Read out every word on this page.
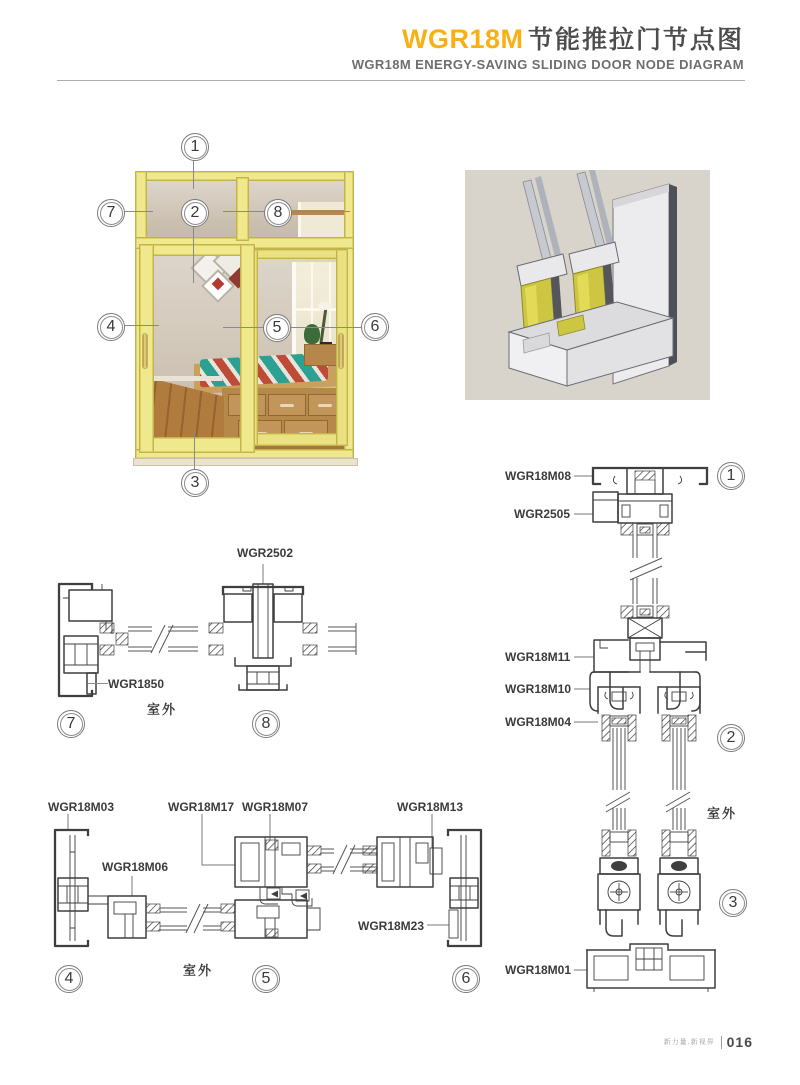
WGR18M 节能推拉门节点图
WGR18M ENERGY-SAVING SLIDING DOOR NODE DIAGRAM
1
7	2	8
4	5	6
3
WGR2502
WGR1850
室外
7	8
WGR18M03	WGR18M17 WGR18M07	WGR18M13
WGR18M06
WGR18M23
室外
4	5	6
WGR18M08
WGR2505
WGR18M11
WGR18M10
WGR18M04
WGR18M01
室外
1
2
3
新力量.新视界 016
